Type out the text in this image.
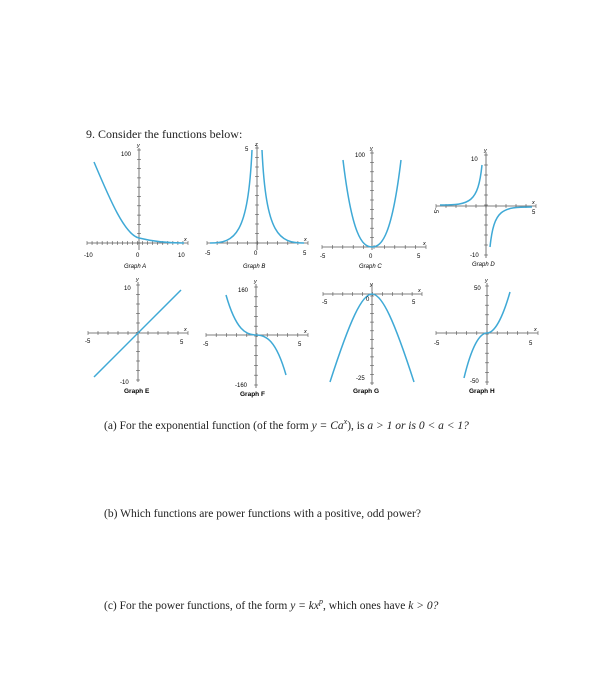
9. Consider the functions below:
100
y
x
-10	0	10
Graph A
5
z
x
-5	0	5
Graph B
100
y
x
-5	0	5
Graph C
10
y
-10
x
-5	5
Graph D
10
y
-10
x
-5	5
Graph E
160
y
-160
x
-5	5
Graph F
0
y
-25
x
-5	5
Graph G
50
y
-50
x
-5	5
Graph H
(a) For the exponential function (of the form $y = Ca^x$), is a > 1 or is 0 < a < 1?
(b) Which functions are power functions with a positive, odd power?
(c) For the power functions, of the form $y = kx^p$, which ones have k > 0?
